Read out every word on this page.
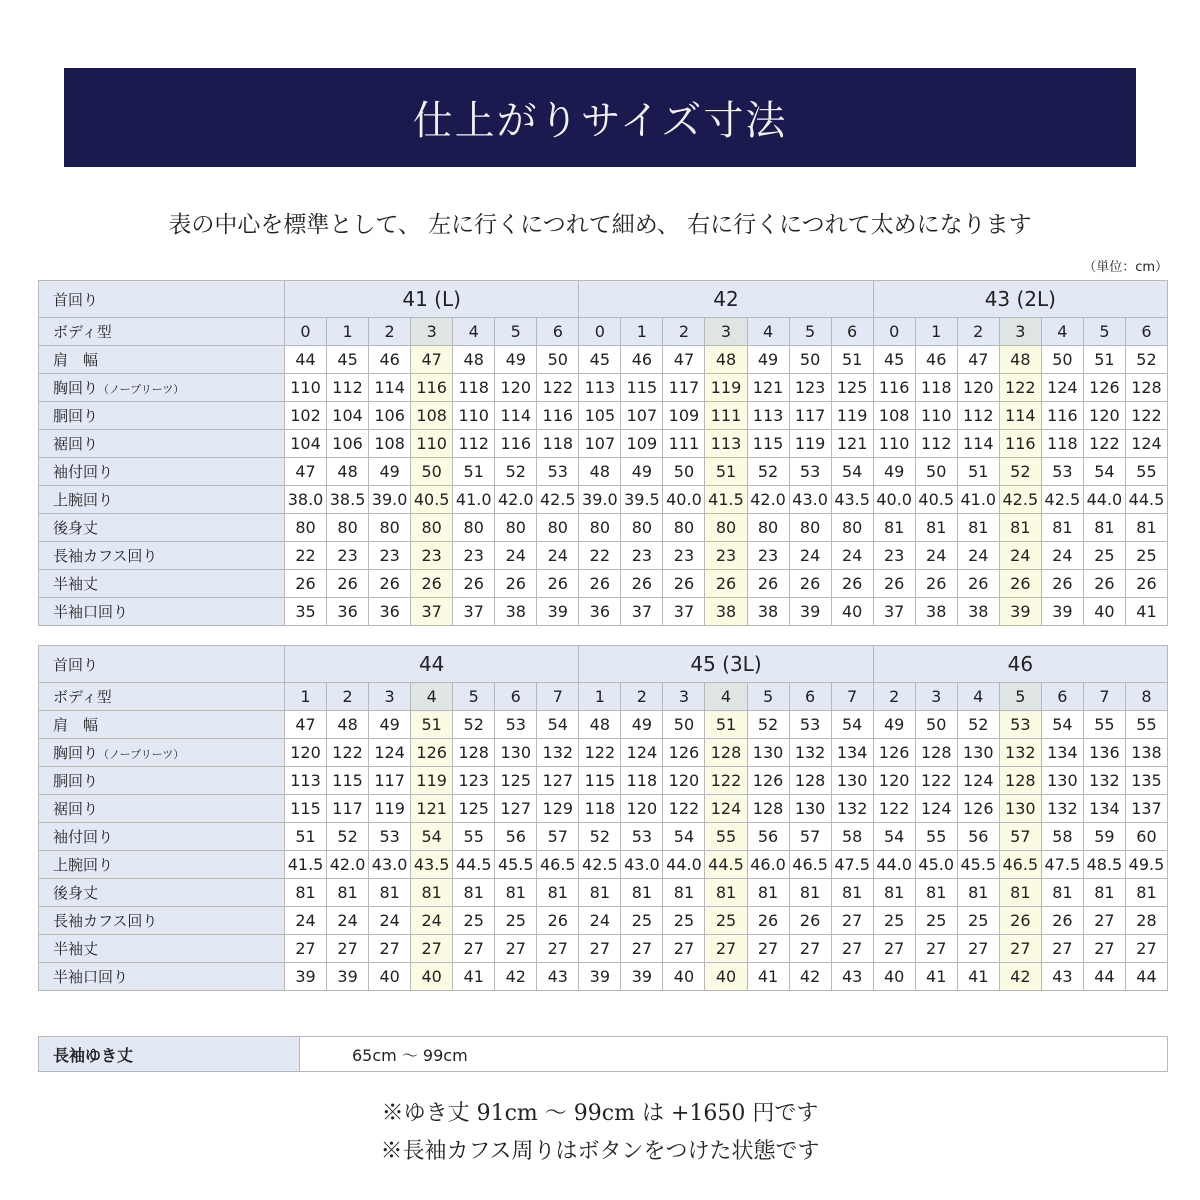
仕上がりサイズ寸法
表の中心を標準として、 左に行くにつれて細め、 右に行くにつれて太めになります
（単位：cm）
首回り	41 (L)							42							43 (2L)						
ボディ型	0	1	2	3	4	5	6	0	1	2	3	4	5	6	0	1	2	3	4	5	6
肩　幅	44	45	46	47	48	49	50	45	46	47	48	49	50	51	45	46	47	48	50	51	52
胸回り（ノープリーツ）	110	112	114	116	118	120	122	113	115	117	119	121	123	125	116	118	120	122	124	126	128
胴回り	102	104	106	108	110	114	116	105	107	109	111	113	117	119	108	110	112	114	116	120	122
裾回り	104	106	108	110	112	116	118	107	109	111	113	115	119	121	110	112	114	116	118	122	124
袖付回り	47	48	49	50	51	52	53	48	49	50	51	52	53	54	49	50	51	52	53	54	55
上腕回り	38.0	38.5	39.0	40.5	41.0	42.0	42.5	39.0	39.5	40.0	41.5	42.0	43.0	43.5	40.0	40.5	41.0	42.5	42.5	44.0	44.5
後身丈	80	80	80	80	80	80	80	80	80	80	80	80	80	80	81	81	81	81	81	81	81
長袖カフス回り	22	23	23	23	23	24	24	22	23	23	23	23	24	24	23	24	24	24	24	25	25
半袖丈	26	26	26	26	26	26	26	26	26	26	26	26	26	26	26	26	26	26	26	26	26
半袖口回り	35	36	36	37	37	38	39	36	37	37	38	38	39	40	37	38	38	39	39	40	41
首回り	44							45 (3L)							46						
ボディ型	1	2	3	4	5	6	7	1	2	3	4	5	6	7	2	3	4	5	6	7	8
肩　幅	47	48	49	51	52	53	54	48	49	50	51	52	53	54	49	50	52	53	54	55	55
胸回り（ノープリーツ）	120	122	124	126	128	130	132	122	124	126	128	130	132	134	126	128	130	132	134	136	138
胴回り	113	115	117	119	123	125	127	115	118	120	122	126	128	130	120	122	124	128	130	132	135
裾回り	115	117	119	121	125	127	129	118	120	122	124	128	130	132	122	124	126	130	132	134	137
袖付回り	51	52	53	54	55	56	57	52	53	54	55	56	57	58	54	55	56	57	58	59	60
上腕回り	41.5	42.0	43.0	43.5	44.5	45.5	46.5	42.5	43.0	44.0	44.5	46.0	46.5	47.5	44.0	45.0	45.5	46.5	47.5	48.5	49.5
後身丈	81	81	81	81	81	81	81	81	81	81	81	81	81	81	81	81	81	81	81	81	81
長袖カフス回り	24	24	24	24	25	25	26	24	25	25	25	26	26	27	25	25	25	26	26	27	28
半袖丈	27	27	27	27	27	27	27	27	27	27	27	27	27	27	27	27	27	27	27	27	27
半袖口回り	39	39	40	40	41	42	43	39	39	40	40	41	42	43	40	41	41	42	43	44	44
長袖ゆき丈	65cm 〜 99cm
※ゆき丈 91cm 〜 99cm は +1650 円です
※長袖カフス周りはボタンをつけた状態です
